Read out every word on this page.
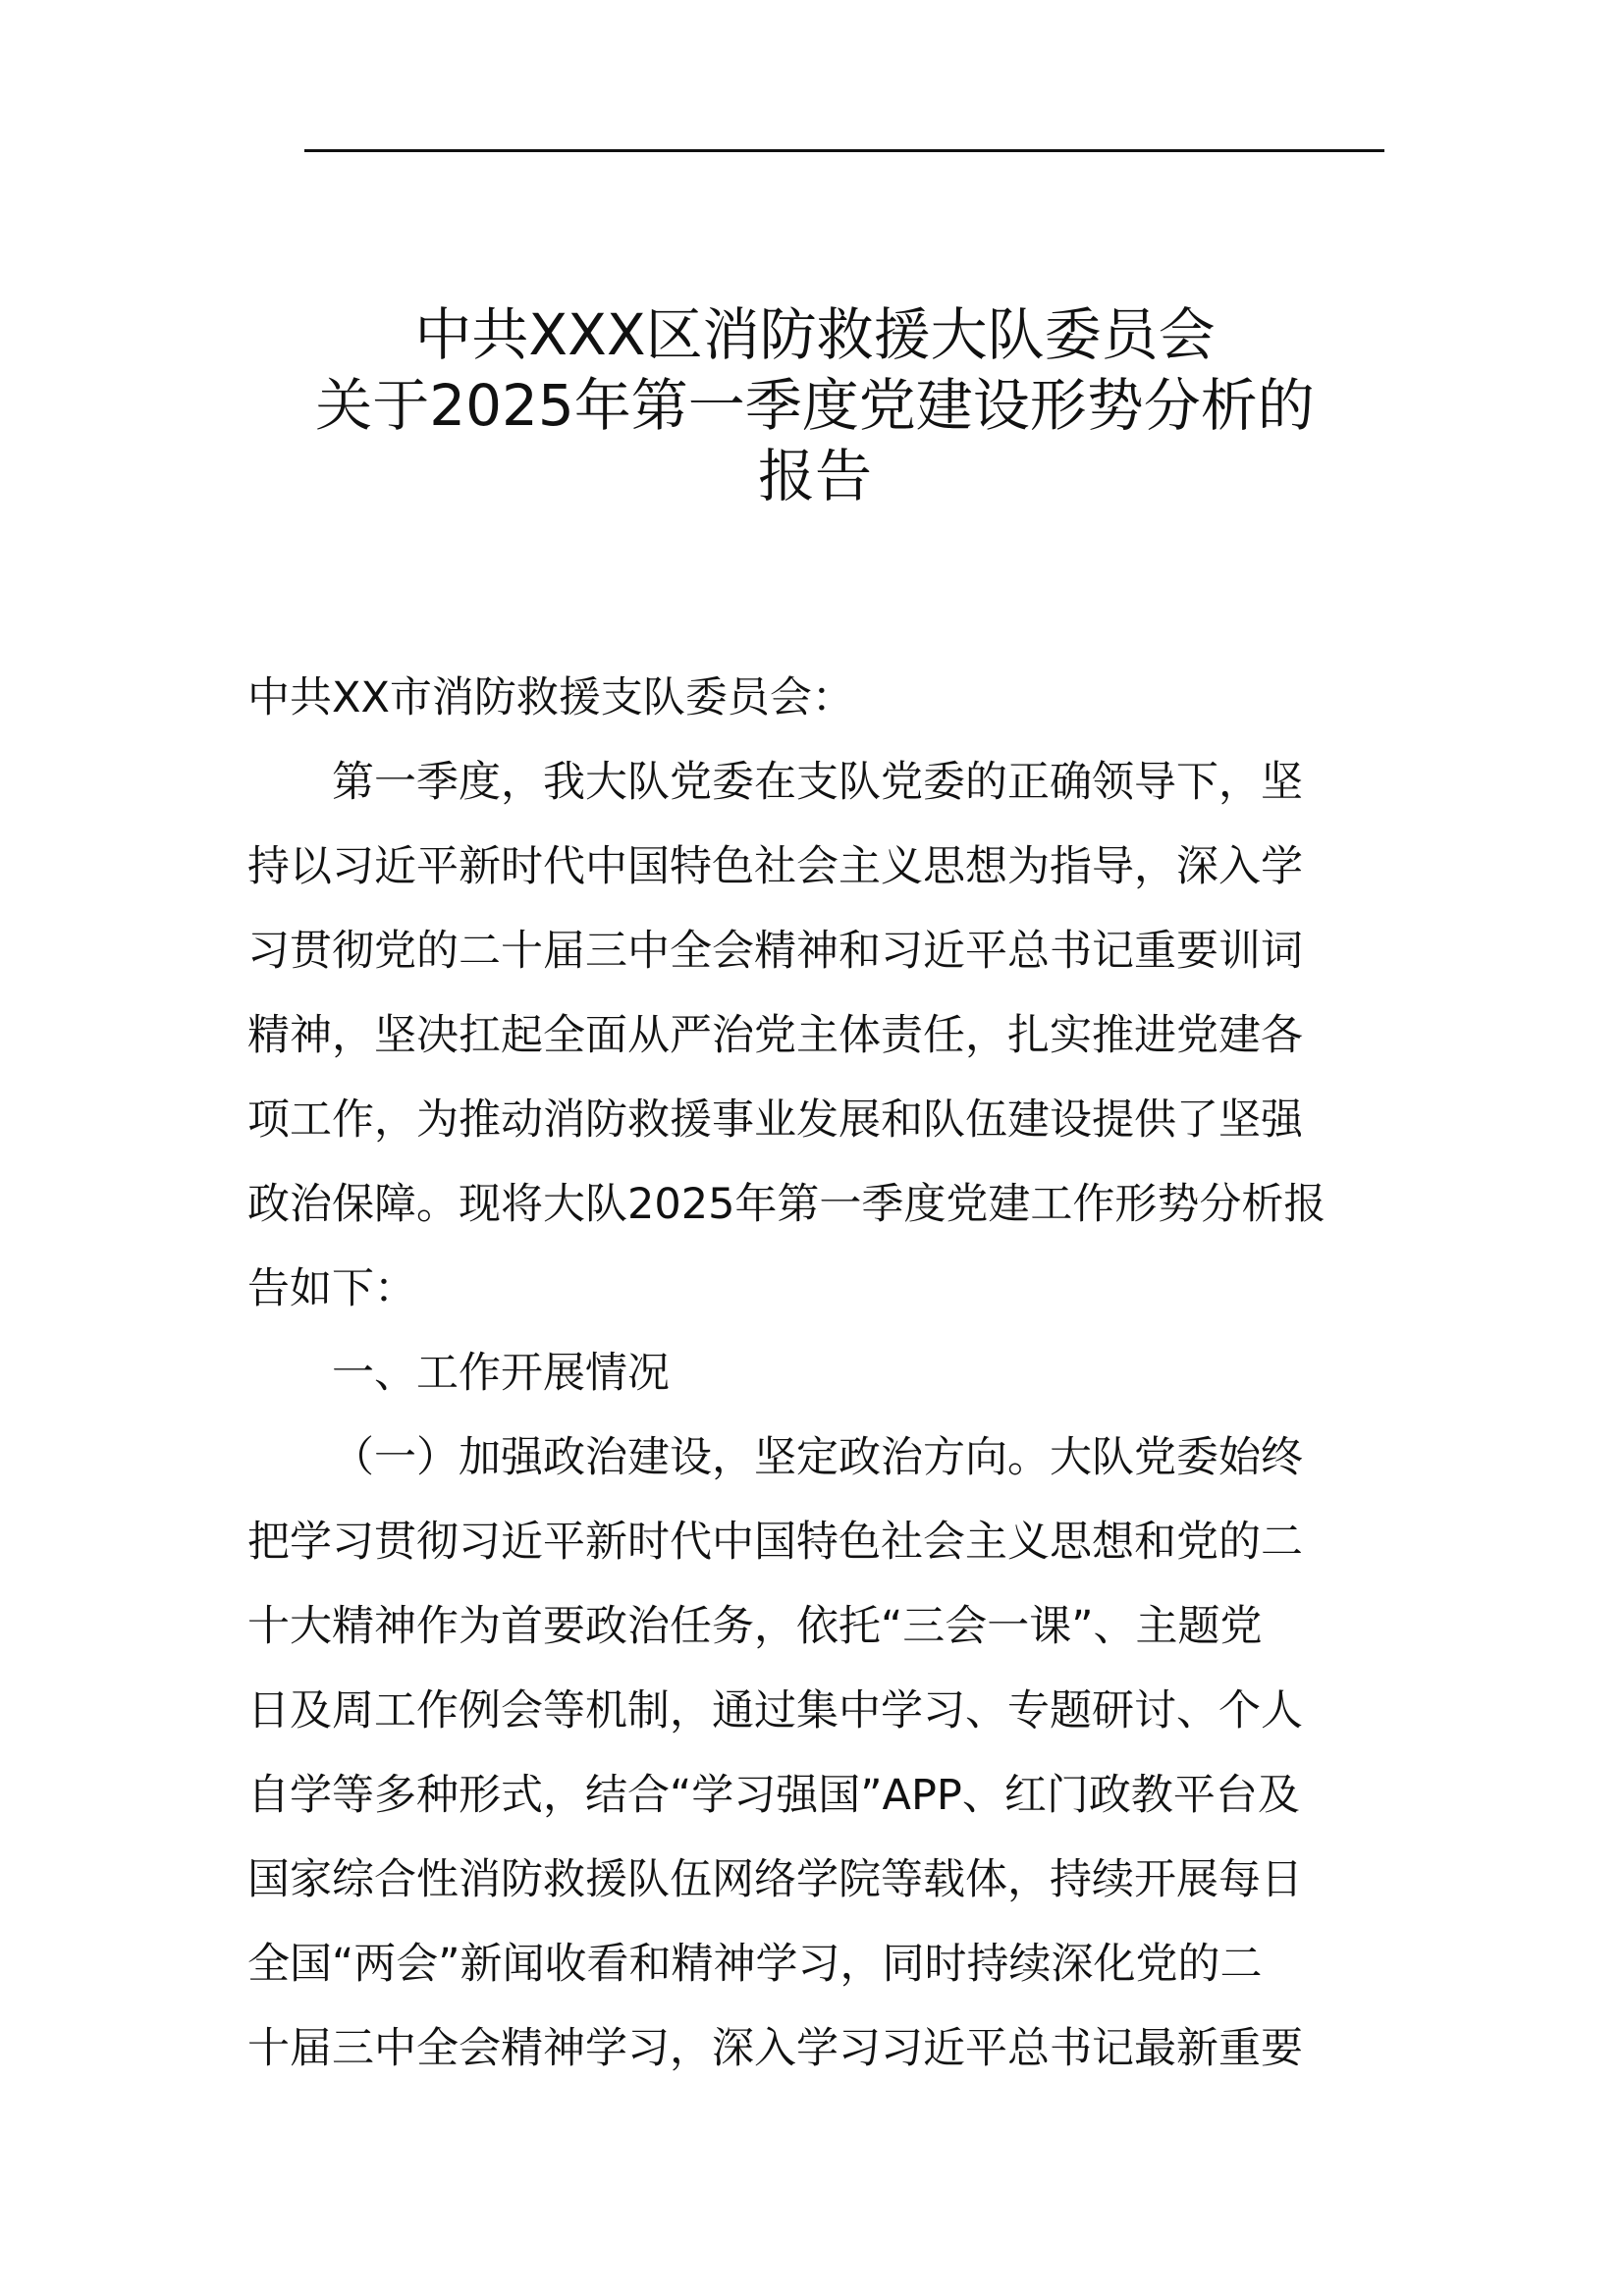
中共XXX区消防救援大队委员会
关于2025年第一季度党建设形势分析的
报告
中共XX市消防救援支队委员会：
第一季度，我大队党委在支队党委的正确领导下，坚
持以习近平新时代中国特色社会主义思想为指导，深入学
习贯彻党的二十届三中全会精神和习近平总书记重要训词
精神，坚决扛起全面从严治党主体责任，扎实推进党建各
项工作，为推动消防救援事业发展和队伍建设提供了坚强
政治保障。现将大队2025年第一季度党建工作形势分析报
告如下：
一、工作开展情况
（一）加强政治建设，坚定政治方向。大队党委始终
把学习贯彻习近平新时代中国特色社会主义思想和党的二
十大精神作为首要政治任务，依托“三会一课”、主题党
日及周工作例会等机制，通过集中学习、专题研讨、个人
自学等多种形式，结合“学习强国”APP、红门政教平台及
国家综合性消防救援队伍网络学院等载体，持续开展每日
全国“两会”新闻收看和精神学习，同时持续深化党的二
十届三中全会精神学习，深入学习习近平总书记最新重要
